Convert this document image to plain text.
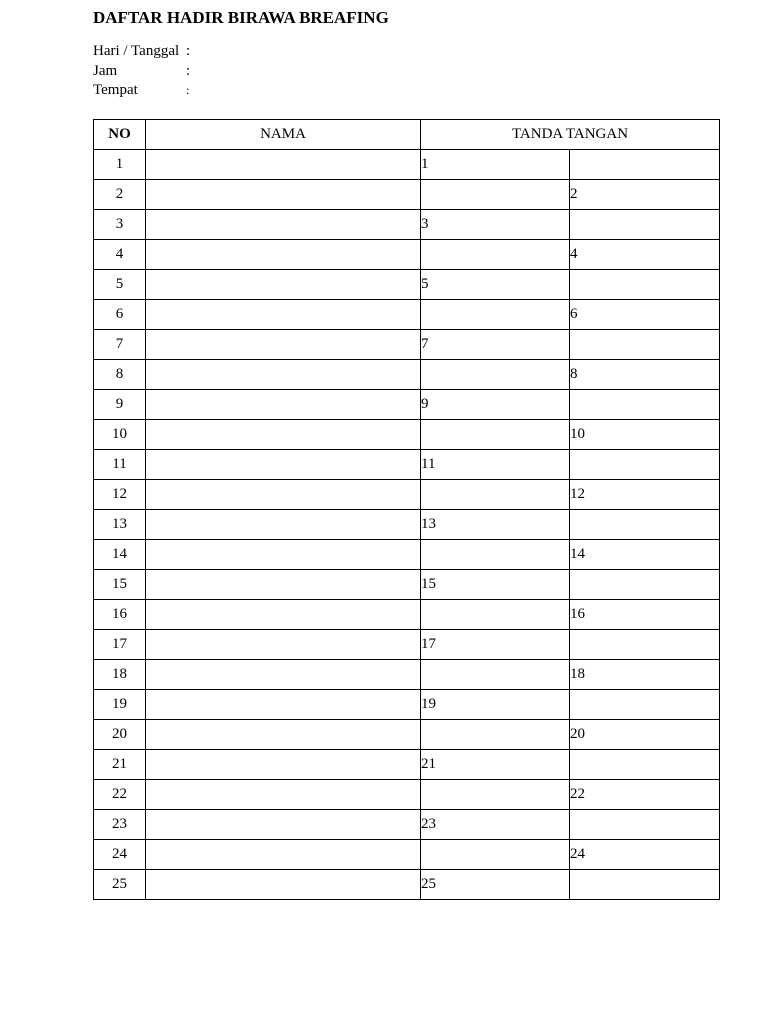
DAFTAR HADIR BIRAWA BREAFING
Hari / Tanggal :
Jam	:
Tempat	:
NO	NAMA	TANDA TANGAN	
1		1	
2			2
3		3	
4			4
5		5	
6			6
7		7	
8			8
9		9	
10			10
11		11	
12			12
13		13	
14			14
15		15	
16			16
17		17	
18			18
19		19	
20			20
21		21	
22			22
23		23	
24			24
25		25	
